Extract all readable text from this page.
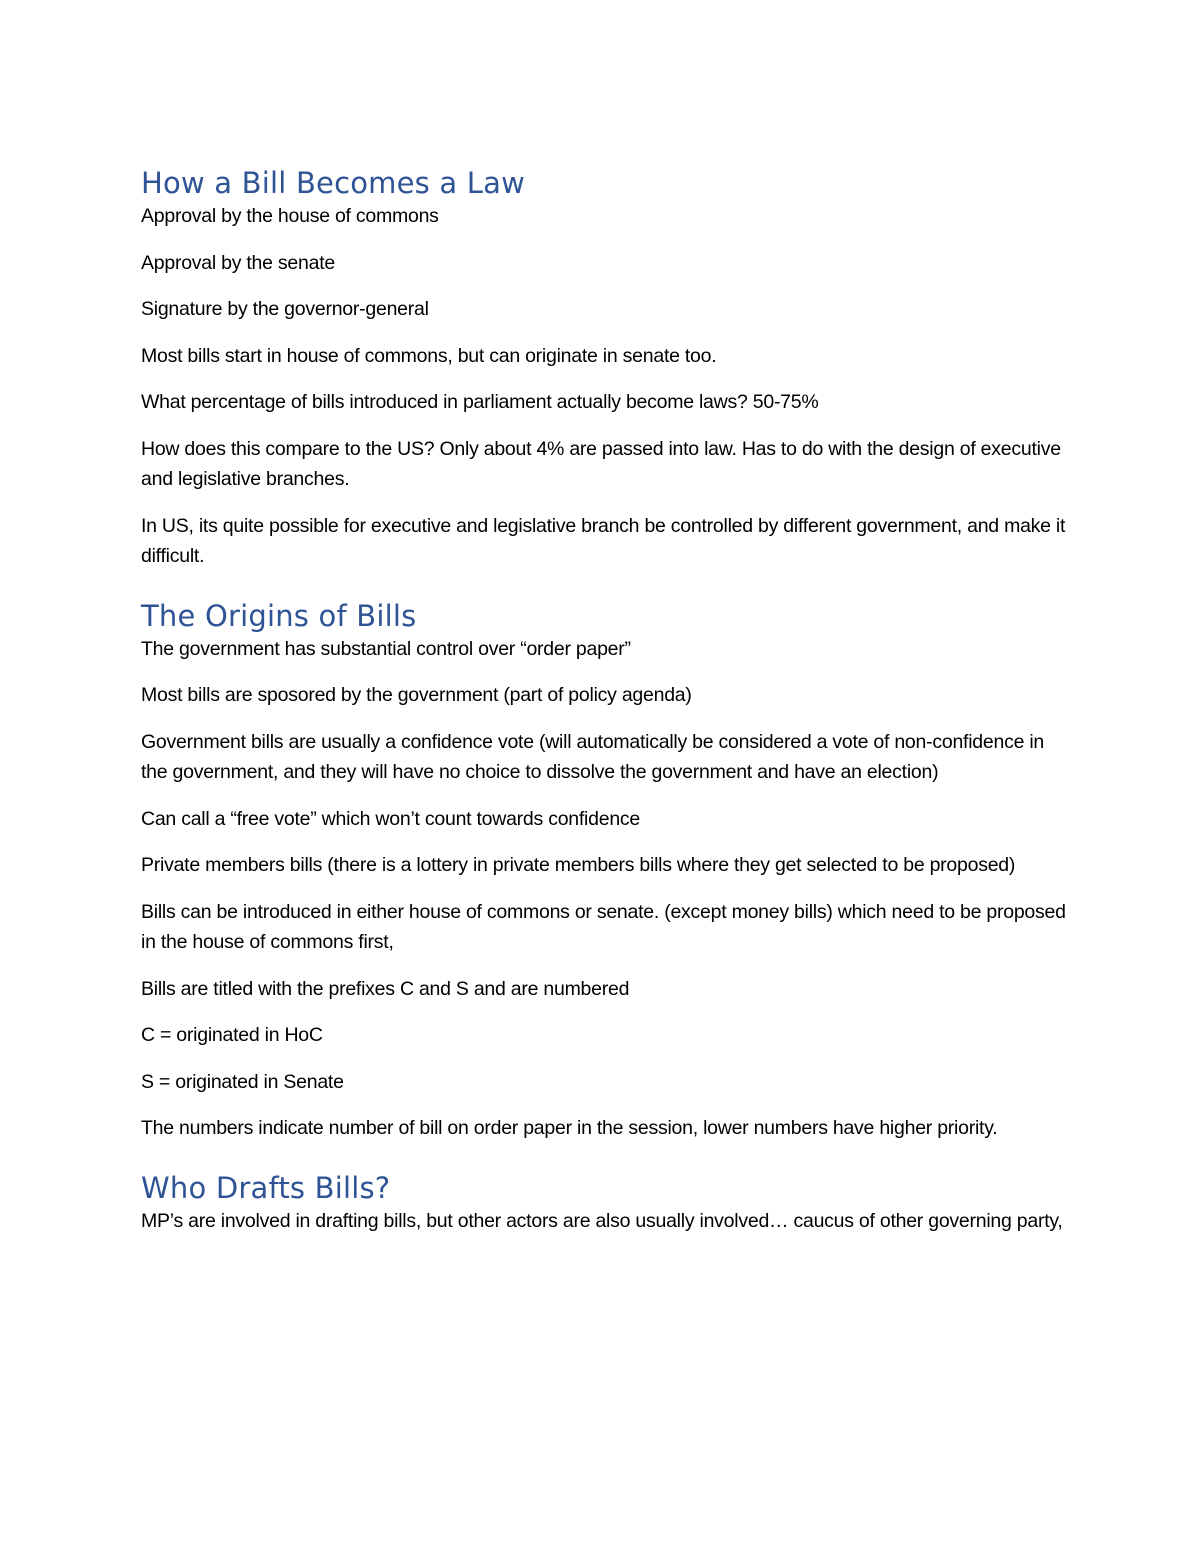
How a Bill Becomes a Law

Approval by the house of commons

Approval by the senate

Signature by the governor-general

Most bills start in house of commons, but can originate in senate too.

What percentage of bills introduced in parliament actually become laws? 50-75%

How does this compare to the US? Only about 4% are passed into law. Has to do with the design of executive and legislative branches.

In US, its quite possible for executive and legislative branch be controlled by different government, and make it difficult.

The Origins of Bills

The government has substantial control over “order paper”

Most bills are sposored by the government (part of policy agenda)

Government bills are usually a confidence vote (will automatically be considered a vote of non-confidence in the government, and they will have no choice to dissolve the government and have an election)

Can call a “free vote” which won’t count towards confidence

Private members bills (there is a lottery in private members bills where they get selected to be proposed)

Bills can be introduced in either house of commons or senate. (except money bills) which need to be proposed in the house of commons first,

Bills are titled with the prefixes C and S and are numbered

C = originated in HoC

S = originated in Senate

The numbers indicate number of bill on order paper in the session, lower numbers have higher priority.

Who Drafts Bills?

MP’s are involved in drafting bills, but other actors are also usually involved… caucus of other governing party,
